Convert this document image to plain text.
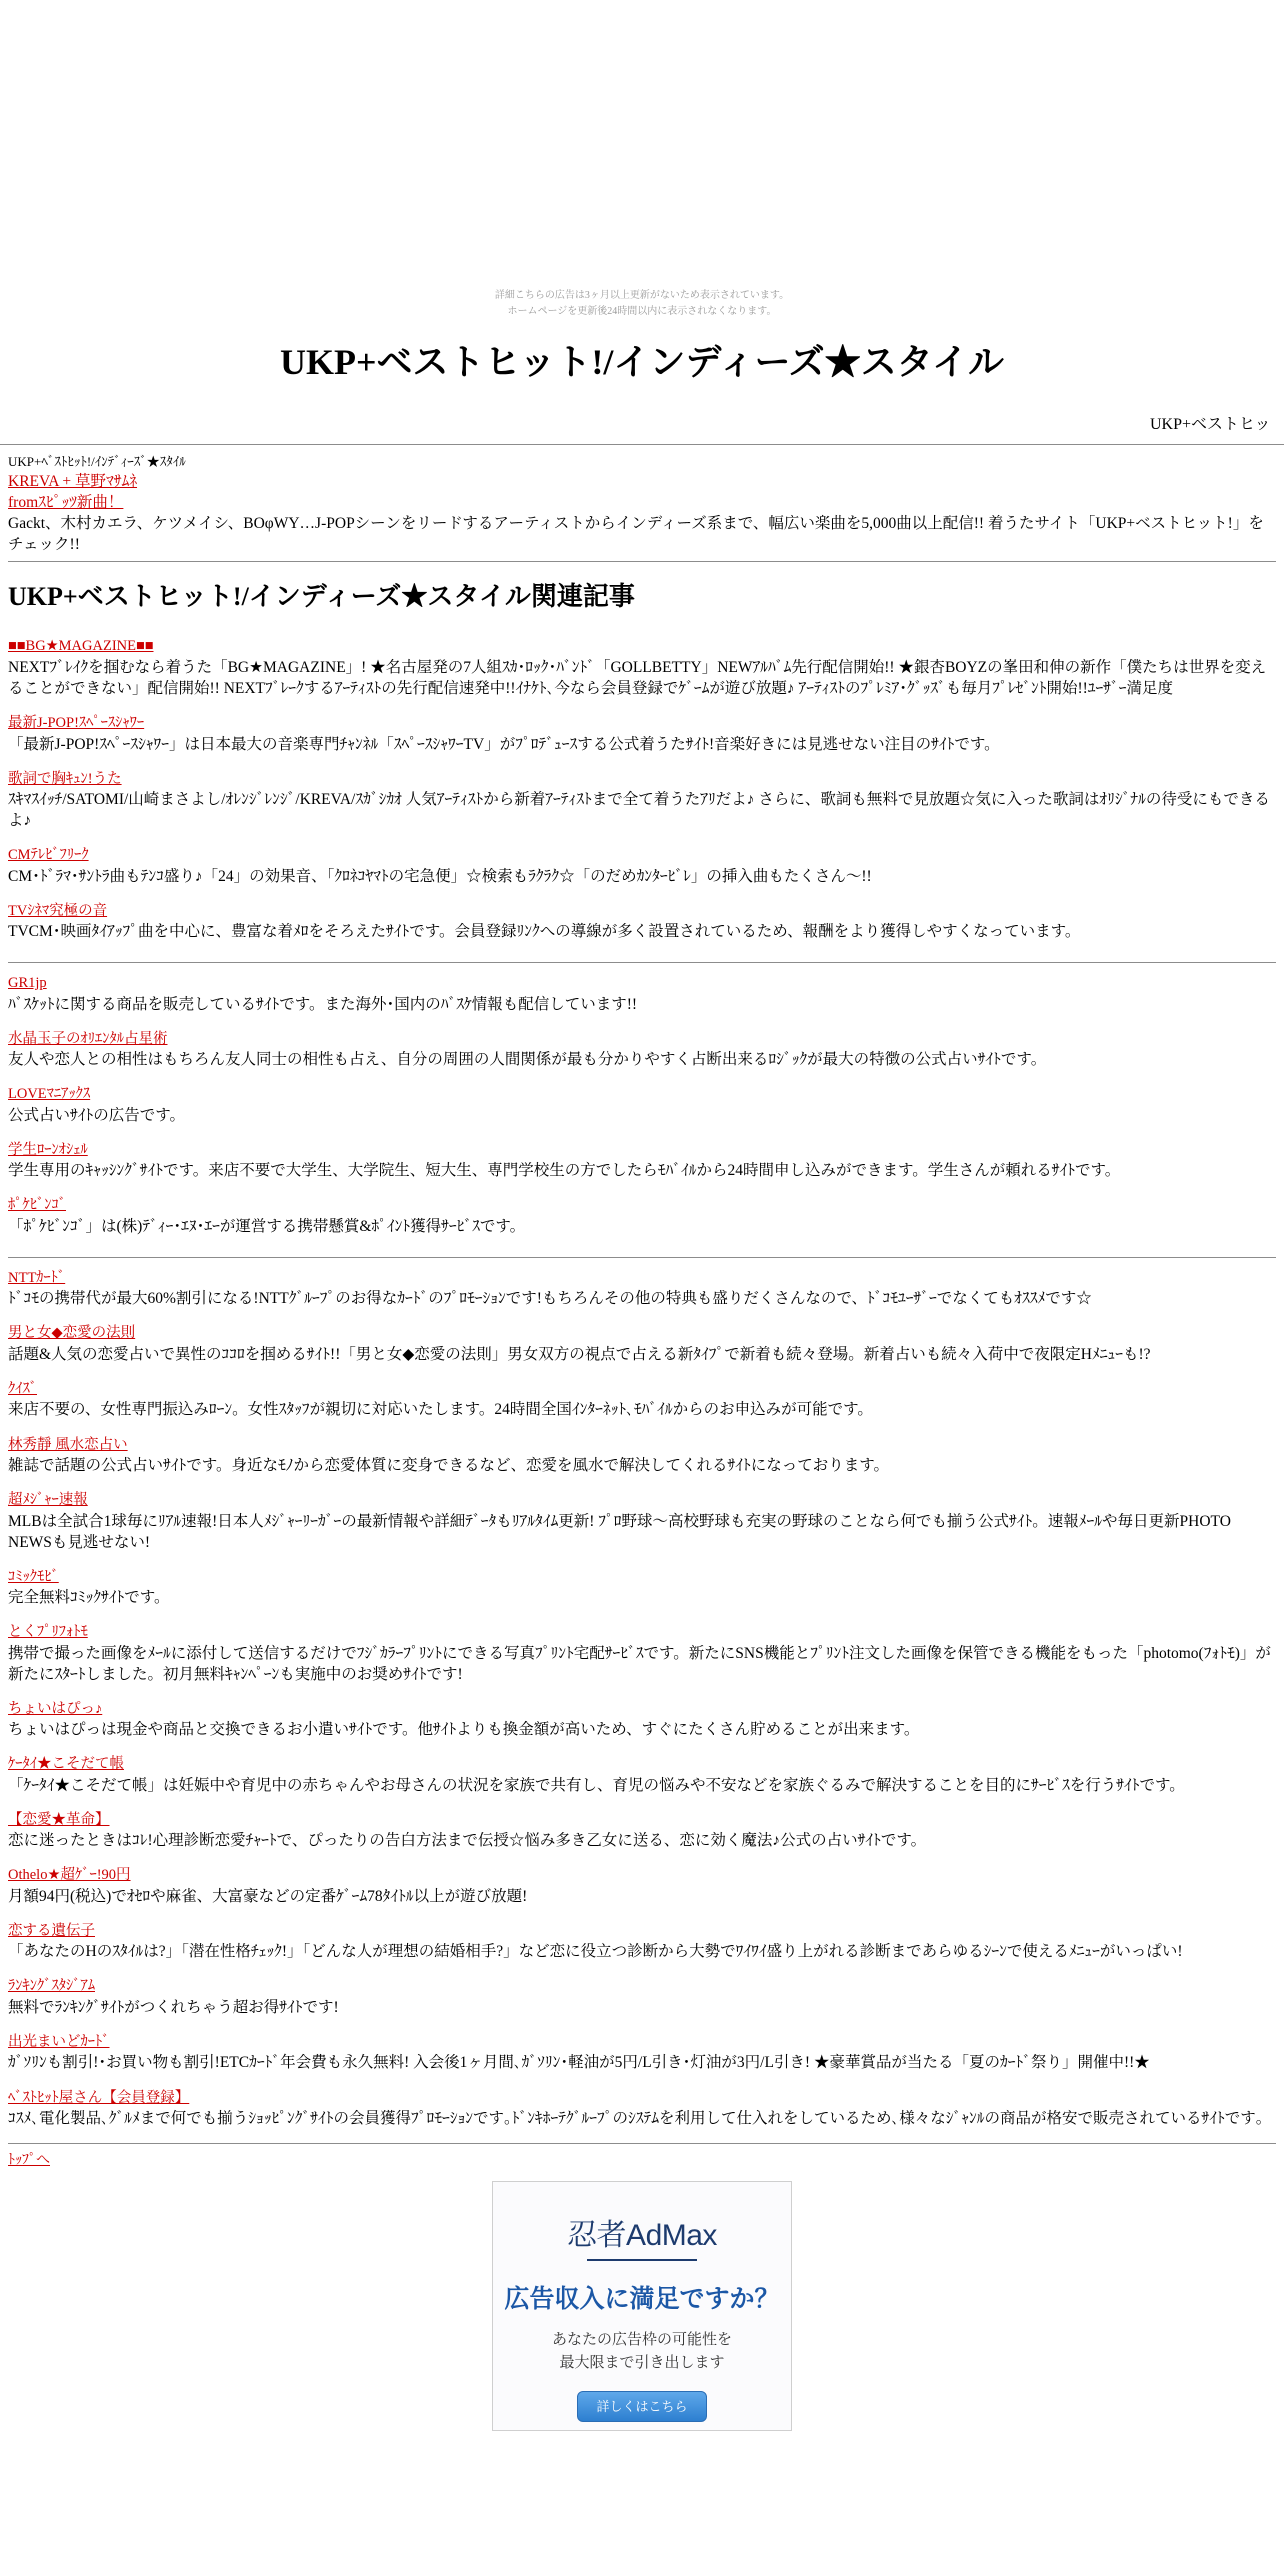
詳細こちらの広告は3ヶ月以上更新がないため表示されています。
ホームページを更新後24時間以内に表示されなくなります。
UKP+ベストヒット!/インディーズ★スタイル
UKP+ベストヒッ
UKP+ﾍﾞｽﾄﾋｯﾄ!/ｲﾝﾃﾞｨｰｽﾞ★ｽﾀｲﾙ
KREVA + 草野ﾏｻﾑﾈ
fromｽﾋﾟｯﾂ新曲！
Gackt、木村カエラ、ケツメイシ、BOφWY…J-POPシーンをリードするアーティストからインディーズ系まで、幅広い楽曲を5,000曲以上配信!! 着うたサイト「UKP+ベストヒット!」をチェック!!
UKP+ベストヒット!/インディーズ★スタイル関連記事
■■BG★MAGAZINE■■
NEXTﾌﾞﾚｲｸを掴むなら着うた「BG★MAGAZINE」! ★名古屋発の7人組ｽｶ･ﾛｯｸ･ﾊﾞﾝﾄﾞ「GOLLBETTY」NEWｱﾙﾊﾞﾑ先行配信開始!! ★銀杏BOYZの峯田和伸の新作「僕たちは世界を変えることができない」配信開始!! NEXTﾌﾞﾚｰｸするｱｰﾃｨｽﾄの先行配信速発中!!ｲﾅｹﾄ､今なら会員登録でｹﾞｰﾑが遊び放題♪ ｱｰﾃｨｽﾄのﾌﾟﾚﾐｱ･ｸﾞｯｽﾞも毎月ﾌﾟﾚｾﾞﾝﾄ開始!!ﾕｰｻﾞｰ満足度
最新J-POP!ｽﾍﾟｰｽｼｬﾜｰ
「最新J-POP!ｽﾍﾟｰｽｼｬﾜｰ」は日本最大の音楽専門ﾁｬﾝﾈﾙ「ｽﾍﾟｰｽｼｬﾜｰTV」がﾌﾟﾛﾃﾞｭｰｽする公式着うたｻｲﾄ!音楽好きには見逃せない注目のｻｲﾄです。
歌詞で胸ｷｭﾝ!うた
ｽｷﾏｽｲｯﾁ/SATOMI/山崎まさよし/ｵﾚﾝｼﾞﾚﾝｼﾞ/KREVA/ｽｶﾞｼｶｵ 人気ｱｰﾃｨｽﾄから新着ｱｰﾃｨｽﾄまで全て着うたｱﾘだよ♪ さらに、歌詞も無料で見放題☆気に入った歌詞はｵﾘｼﾞﾅﾙの待受にもできるよ♪
CMﾃﾚﾋﾞﾌﾘｰｸ
CM･ﾄﾞﾗﾏ･ｻﾝﾄﾗ曲もﾃﾝｺ盛り♪「24」の効果音、「ｸﾛﾈｺﾔﾏﾄの宅急便」☆検索もﾗｸﾗｸ☆「のだめｶﾝﾀｰﾋﾞﾚ」の挿入曲もたくさん～!!
TVｼﾈﾏ究極の音
TVCM･映画ﾀｲｱｯﾌﾟ曲を中心に、豊富な着ﾒﾛをそろえたｻｲﾄです。会員登録ﾘﾝｸへの導線が多く設置されているため、報酬をより獲得しやすくなっています。
GR1jp
ﾊﾞｽｹｯﾄに関する商品を販売しているｻｲﾄです。また海外･国内のﾊﾞｽｹ情報も配信しています!!
水晶玉子のｵﾘｴﾝﾀﾙ占星術
友人や恋人との相性はもちろん友人同士の相性も占え、自分の周囲の人間関係が最も分かりやすく占断出来るﾛｼﾞｯｸが最大の特徴の公式占いｻｲﾄです。
LOVEﾏﾆｱｯｸｽ
公式占いｻｲﾄの広告です。
学生ﾛｰﾝｵｼｪﾙ
学生専用のｷｬｯｼﾝｸﾞｻｲﾄです。来店不要で大学生、大学院生、短大生、専門学校生の方でしたらﾓﾊﾞｲﾙから24時間申し込みができます。学生さんが頼れるｻｲﾄです。
ﾎﾟｹﾋﾞﾝｺﾞ
「ﾎﾟｹﾋﾞﾝｺﾞ」は(株)ﾃﾞｨｰ･ｴﾇ･ｴｰが運営する携帯懸賞&ﾎﾟｲﾝﾄ獲得ｻｰﾋﾞｽです。
NTTｶｰﾄﾞ
ﾄﾞｺﾓの携帯代が最大60%割引になる!NTTｸﾞﾙｰﾌﾟのお得なｶｰﾄﾞのﾌﾟﾛﾓｰｼｮﾝです!もちろんその他の特典も盛りだくさんなので、ﾄﾞｺﾓﾕｰｻﾞｰでなくてもｵｽｽﾒです☆
男と女◆恋愛の法則
話題&人気の恋愛占いで異性のｺｺﾛを掴めるｻｲﾄ!!「男と女◆恋愛の法則」男女双方の視点で占える新ﾀｲﾌﾟで新着も続々登場。新着占いも続々入荷中で夜限定Hﾒﾆｭｰも!?
ｸｲｽﾞ
来店不要の、女性専門振込みﾛｰﾝ。女性ｽﾀｯﾌが親切に対応いたします。24時間全国ｲﾝﾀｰﾈｯﾄ､ﾓﾊﾞｲﾙからのお申込みが可能です。
林秀靜 風水恋占い
雑誌で話題の公式占いｻｲﾄです。身近なﾓﾉから恋愛体質に変身できるなど、恋愛を風水で解決してくれるｻｲﾄになっております。
超ﾒｼﾞｬｰ速報
MLBは全試合1球毎にﾘｱﾙ速報!日本人ﾒｼﾞｬｰﾘｰｶﾞｰの最新情報や詳細ﾃﾞｰﾀもﾘｱﾙﾀｲﾑ更新! ﾌﾟﾛ野球〜高校野球も充実の野球のことなら何でも揃う公式ｻｲﾄ。速報ﾒｰﾙや毎日更新PHOTO NEWSも見逃せない!
ｺﾐｯｸﾓﾋﾞ
完全無料ｺﾐｯｸｻｲﾄです。
とくﾌﾟﾘﾌｫﾄﾓ
携帯で撮った画像をﾒｰﾙに添付して送信するだけでﾌｼﾞｶﾗｰﾌﾟﾘﾝﾄにできる写真ﾌﾟﾘﾝﾄ宅配ｻｰﾋﾞｽです。新たにSNS機能とﾌﾟﾘﾝﾄ注文した画像を保管できる機能をもった「photomo(ﾌｫﾄﾓ)」が新たにｽﾀｰﾄしました。初月無料ｷｬﾝﾍﾟｰﾝも実施中のお奨めｻｲﾄです!
ちょいはぴっ♪
ちょいはぴっは現金や商品と交換できるお小遣いｻｲﾄです。他ｻｲﾄよりも換金額が高いため、すぐにたくさん貯めることが出来ます。
ｹｰﾀｲ★こそだて帳
「ｹｰﾀｲ★こそだて帳」は妊娠中や育児中の赤ちゃんやお母さんの状況を家族で共有し、育児の悩みや不安などを家族ぐるみで解決することを目的にｻｰﾋﾞｽを行うｻｲﾄです。
【恋愛★革命】
恋に迷ったときはｺﾚ!心理診断恋愛ﾁｬｰﾄで、ぴったりの告白方法まで伝授☆悩み多き乙女に送る、恋に効く魔法♪公式の占いｻｲﾄです。
Othelo★超ｹﾞｰ!90円
月額94円(税込)でｵｾﾛや麻雀、大富豪などの定番ｹﾞｰﾑ78ﾀｲﾄﾙ以上が遊び放題!
恋する遺伝子
「あなたのHのｽﾀｲﾙは?」「潜在性格ﾁｪｯｸ!」「どんな人が理想の結婚相手?」など恋に役立つ診断から大勢でﾜｲﾜｲ盛り上がれる診断まであらゆるｼｰﾝで使えるﾒﾆｭｰがいっぱい!
ﾗﾝｷﾝｸﾞｽﾀｼﾞｱﾑ
無料でﾗﾝｷﾝｸﾞｻｲﾄがつくれちゃう超お得ｻｲﾄです!
出光まいどｶｰﾄﾞ
ｶﾞｿﾘﾝも割引!･お買い物も割引!ETCｶｰﾄﾞ年会費も永久無料! 入会後1ヶ月間､ｶﾞｿﾘﾝ･軽油が5円/L引き･灯油が3円/L引き! ★豪華賞品が当たる「夏のｶｰﾄﾞ祭り」開催中!!★
ﾍﾞｽﾄﾋｯﾄ屋さん【会員登録】
ｺｽﾒ､電化製品､ｸﾞﾙﾒまで何でも揃うｼｮｯﾋﾟﾝｸﾞｻｲﾄの会員獲得ﾌﾟﾛﾓｰｼｮﾝです｡ﾄﾞﾝｷﾎｰﾃｸﾞﾙｰﾌﾟのｼｽﾃﾑを利用して仕入れをしているため､様々なｼﾞｬﾝﾙの商品が格安で販売されているｻｲﾄです｡
ﾄｯﾌﾟへ
忍者AdMax
広告収入に満足ですか？
あなたの広告枠の可能性を
最大限まで引き出します
詳しくはこちら
